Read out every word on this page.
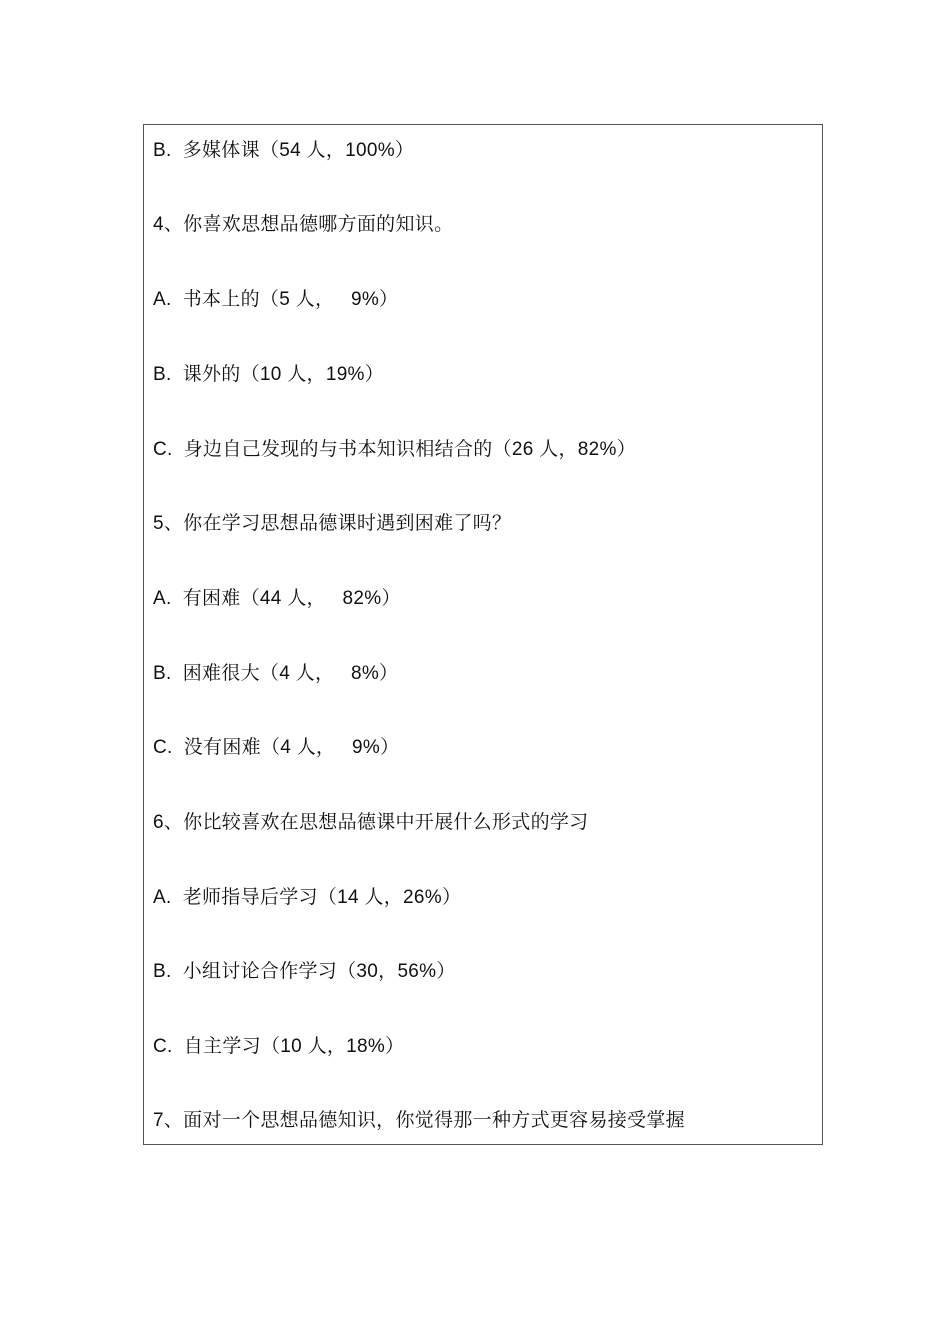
B.  多媒体课（54 人，100%）
4、你喜欢思想品德哪方面的知识。
A.  书本上的（5 人，   9%）
B.  课外的（10 人，19%）
C.  身边自己发现的与书本知识相结合的（26 人，82%）
5、你在学习思想品德课时遇到困难了吗？
A.  有困难（44 人，   82%）
B.  困难很大（4 人，   8%）
C.  没有困难（4 人，   9%）
6、你比较喜欢在思想品德课中开展什么形式的学习
A.  老师指导后学习（14 人，26%）
B.  小组讨论合作学习（30，56%）
C.  自主学习（10 人，18%）
7、面对一个思想品德知识，你觉得那一种方式更容易接受掌握
